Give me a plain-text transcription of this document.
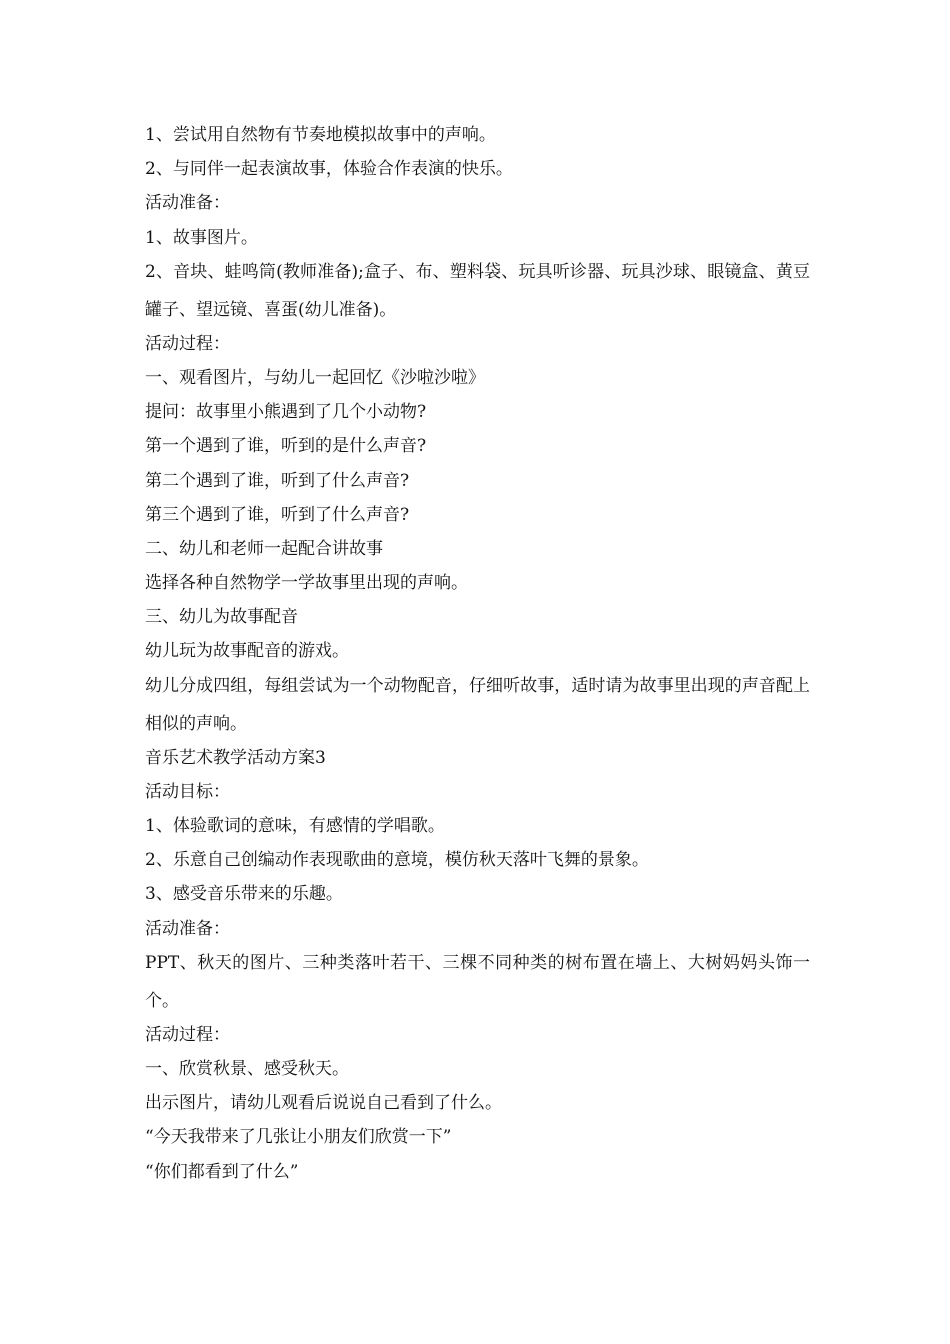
1、尝试用自然物有节奏地模拟故事中的声响。
2、与同伴一起表演故事，体验合作表演的快乐。
活动准备：
1、故事图片。
2、音块、蛙鸣筒(教师准备);盒子、布、塑料袋、玩具听诊器、玩具沙球、眼镜盒、黄豆罐子、望远镜、喜蛋(幼儿准备)。
活动过程：
一、观看图片，与幼儿一起回忆《沙啦沙啦》
提问：故事里小熊遇到了几个小动物?
第一个遇到了谁，听到的是什么声音?
第二个遇到了谁，听到了什么声音?
第三个遇到了谁，听到了什么声音?
二、幼儿和老师一起配合讲故事
选择各种自然物学一学故事里出现的声响。
三、幼儿为故事配音
幼儿玩为故事配音的游戏。
幼儿分成四组，每组尝试为一个动物配音，仔细听故事，适时请为故事里出现的声音配上相似的声响。
音乐艺术教学活动方案3
活动目标：
1、体验歌词的意味，有感情的学唱歌。
2、乐意自己创编动作表现歌曲的意境，模仿秋天落叶飞舞的景象。
3、感受音乐带来的乐趣。
活动准备：
PPT、秋天的图片、三种类落叶若干、三棵不同种类的树布置在墙上、大树妈妈头饰一个。
活动过程：
一、欣赏秋景、感受秋天。
出示图片，请幼儿观看后说说自己看到了什么。
“今天我带来了几张让小朋友们欣赏一下”
“你们都看到了什么”
